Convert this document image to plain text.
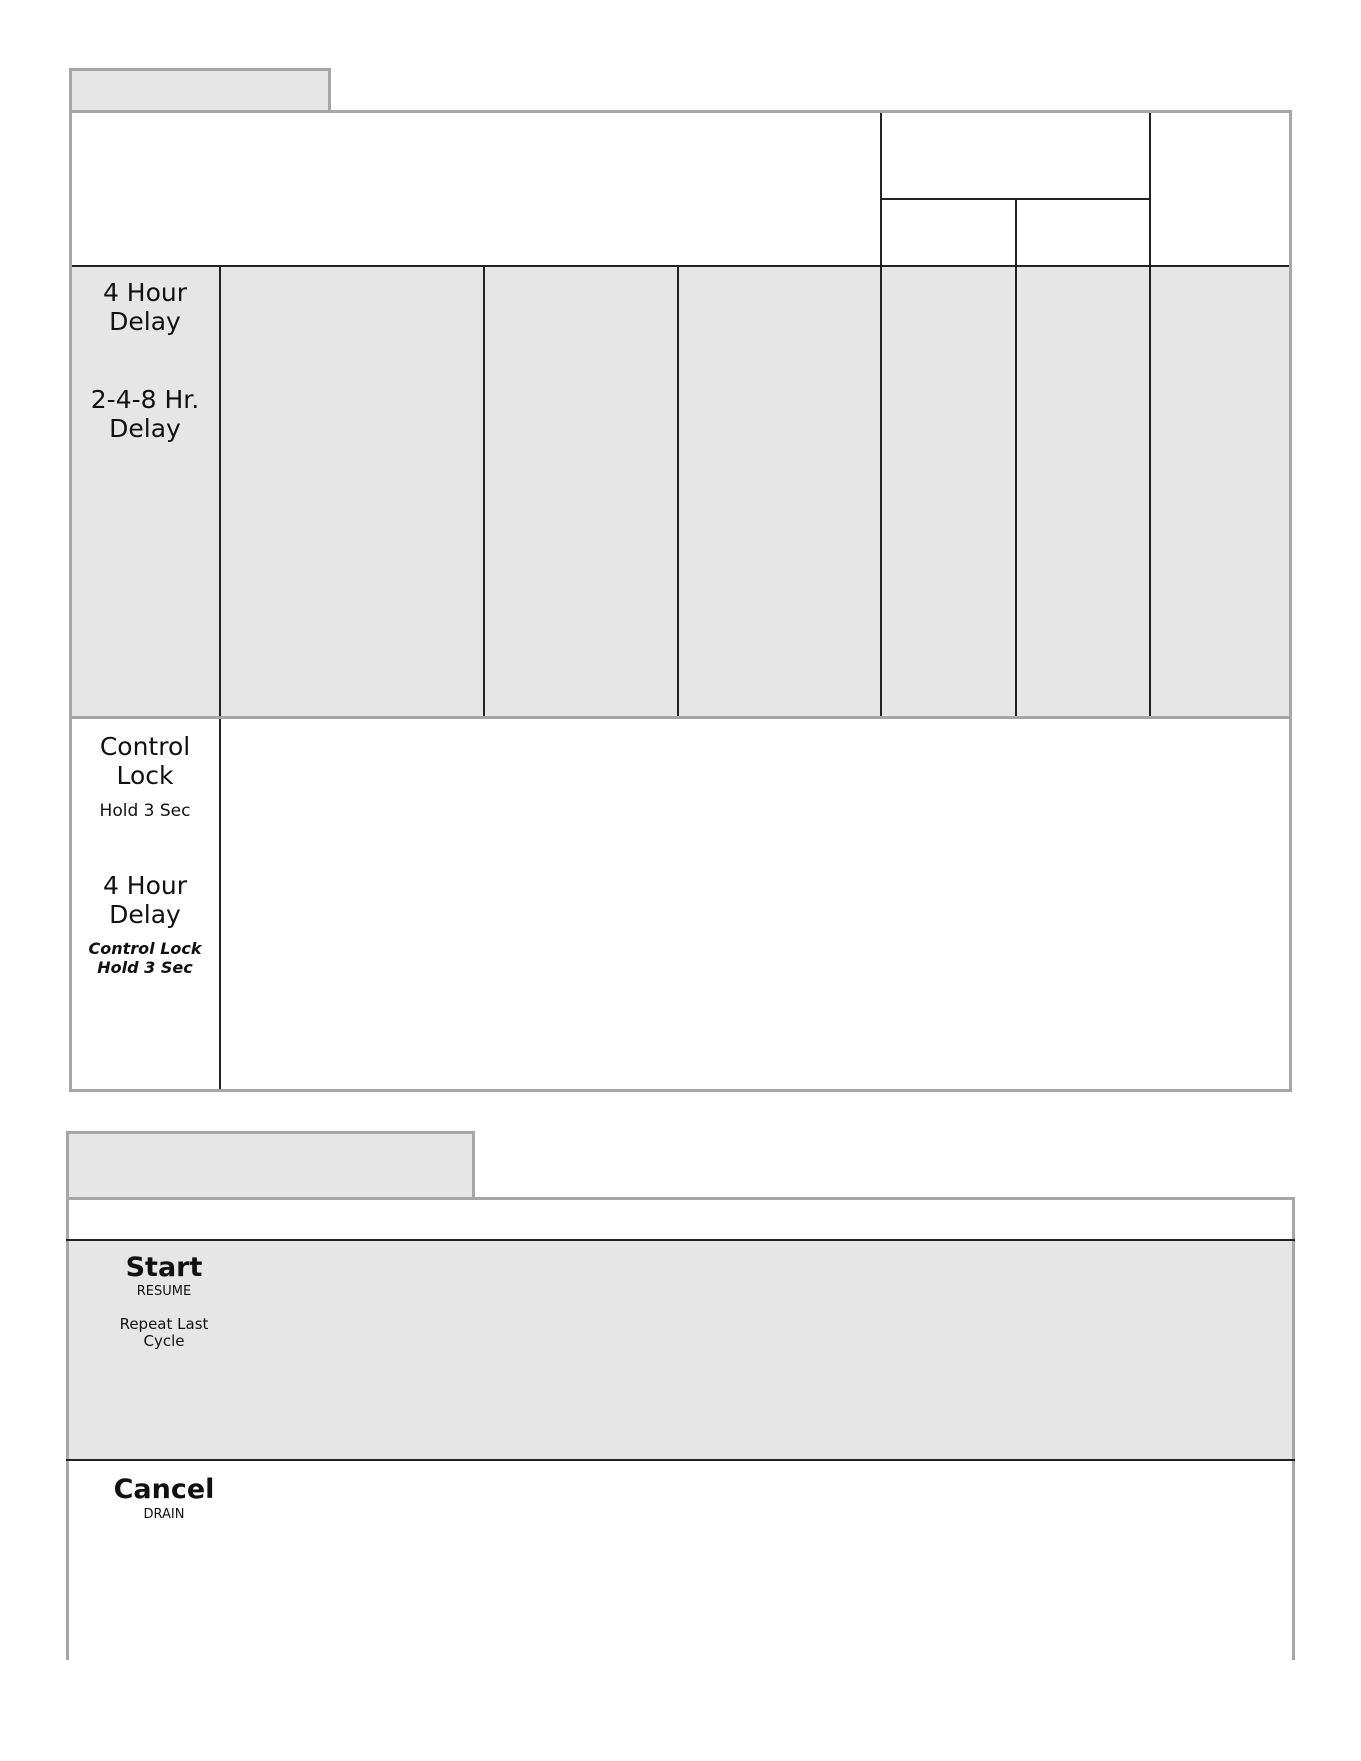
4 Hour Delay
2-4-8 Hr. Delay
Control Lock
Hold 3 Sec
4 Hour Delay
Control Lock Hold 3 Sec
Start
RESUME
Repeat Last Cycle
Cancel
DRAIN
